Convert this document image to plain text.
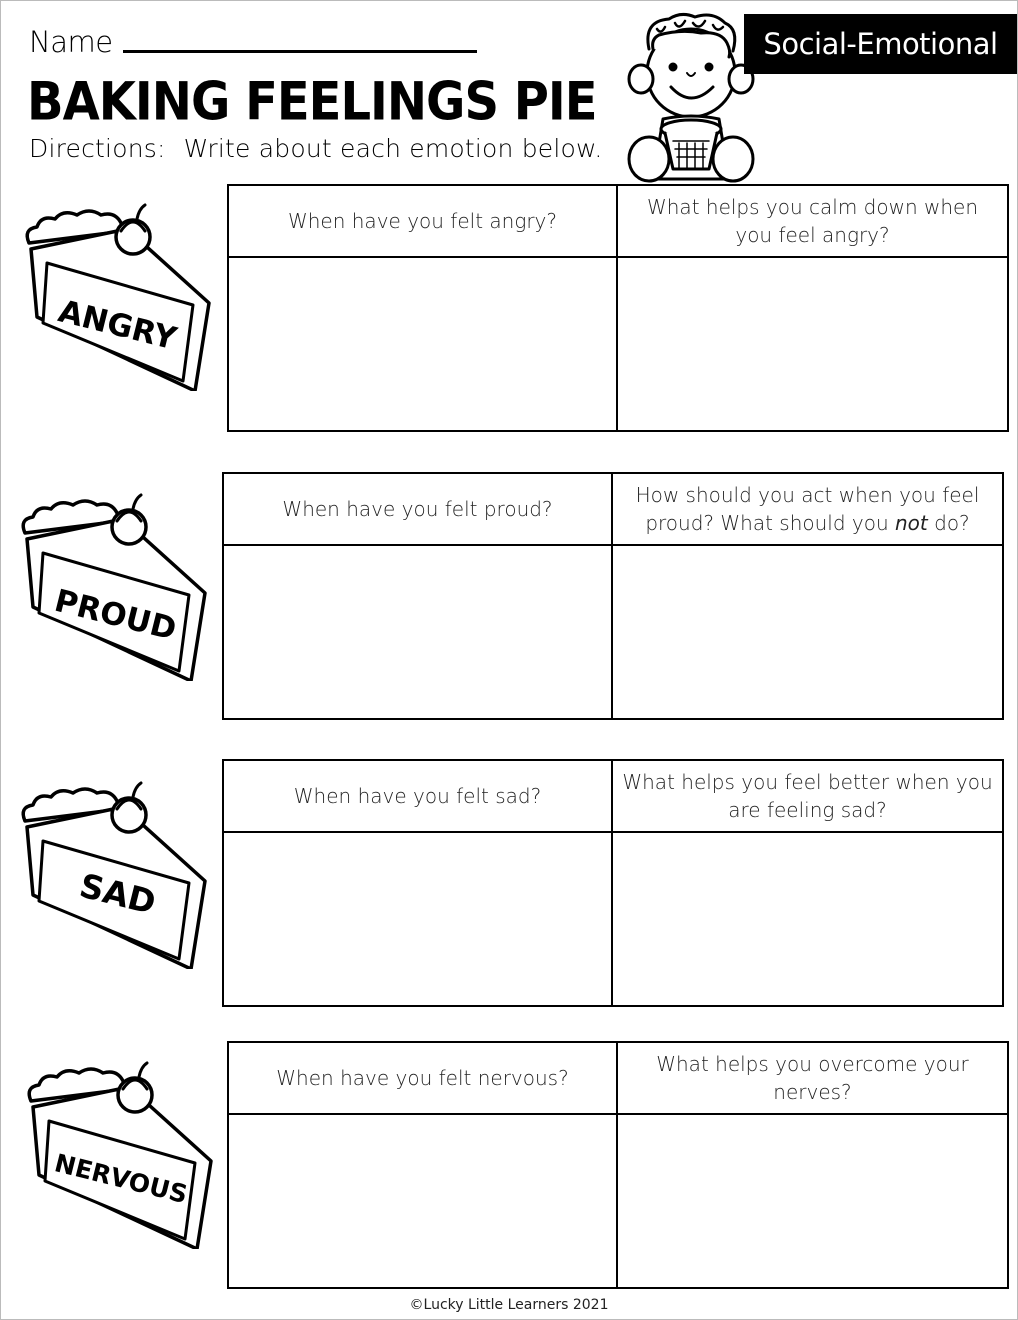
Name
BAKING FEELINGS PIE
Directions: Write about each emotion below.
Social-Emotional
ANGRY
When have you felt angry?
What helps you calm down when you feel angry?
PROUD
When have you felt proud?
How should you act when you feel proud? What should you not do?
SAD
When have you felt sad?
What helps you feel better when you are feeling sad?
NERVOUS
When have you felt nervous?
What helps you overcome your nerves?
©Lucky Little Learners 2021
